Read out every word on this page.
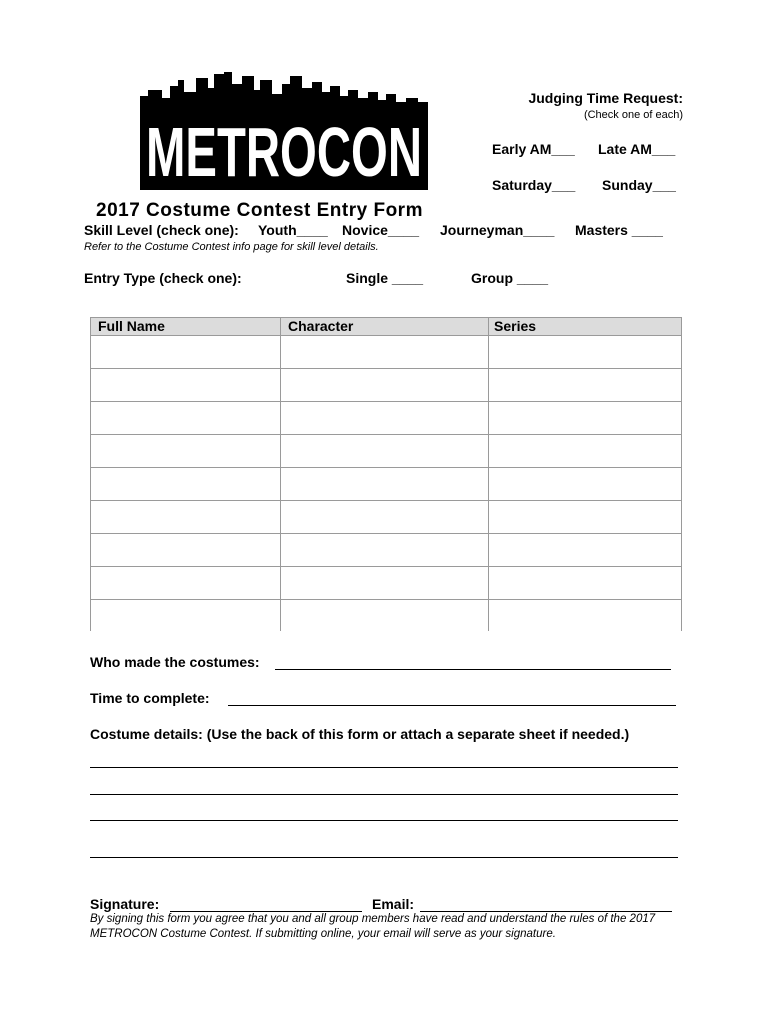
METROCON
Judging Time Request:
(Check one of each)
Early AM___ Late AM___
Saturday___ Sunday___
2017 Costume Contest Entry Form
Skill Level (check one): Youth____ Novice____ Journeyman____ Masters ____
Refer to the Costume Contest info page for skill level details.
Entry Type (check one):	Single ____	Group ____
Full Name	Character	Series
Who made the costumes:
Time to complete:
Costume details: (Use the back of this form or attach a separate sheet if needed.)
Signature:	Email:
By signing this form you agree that you and all group members have read and understand the rules of the 2017 METROCON Costume Contest. If submitting online, your email will serve as your signature.
